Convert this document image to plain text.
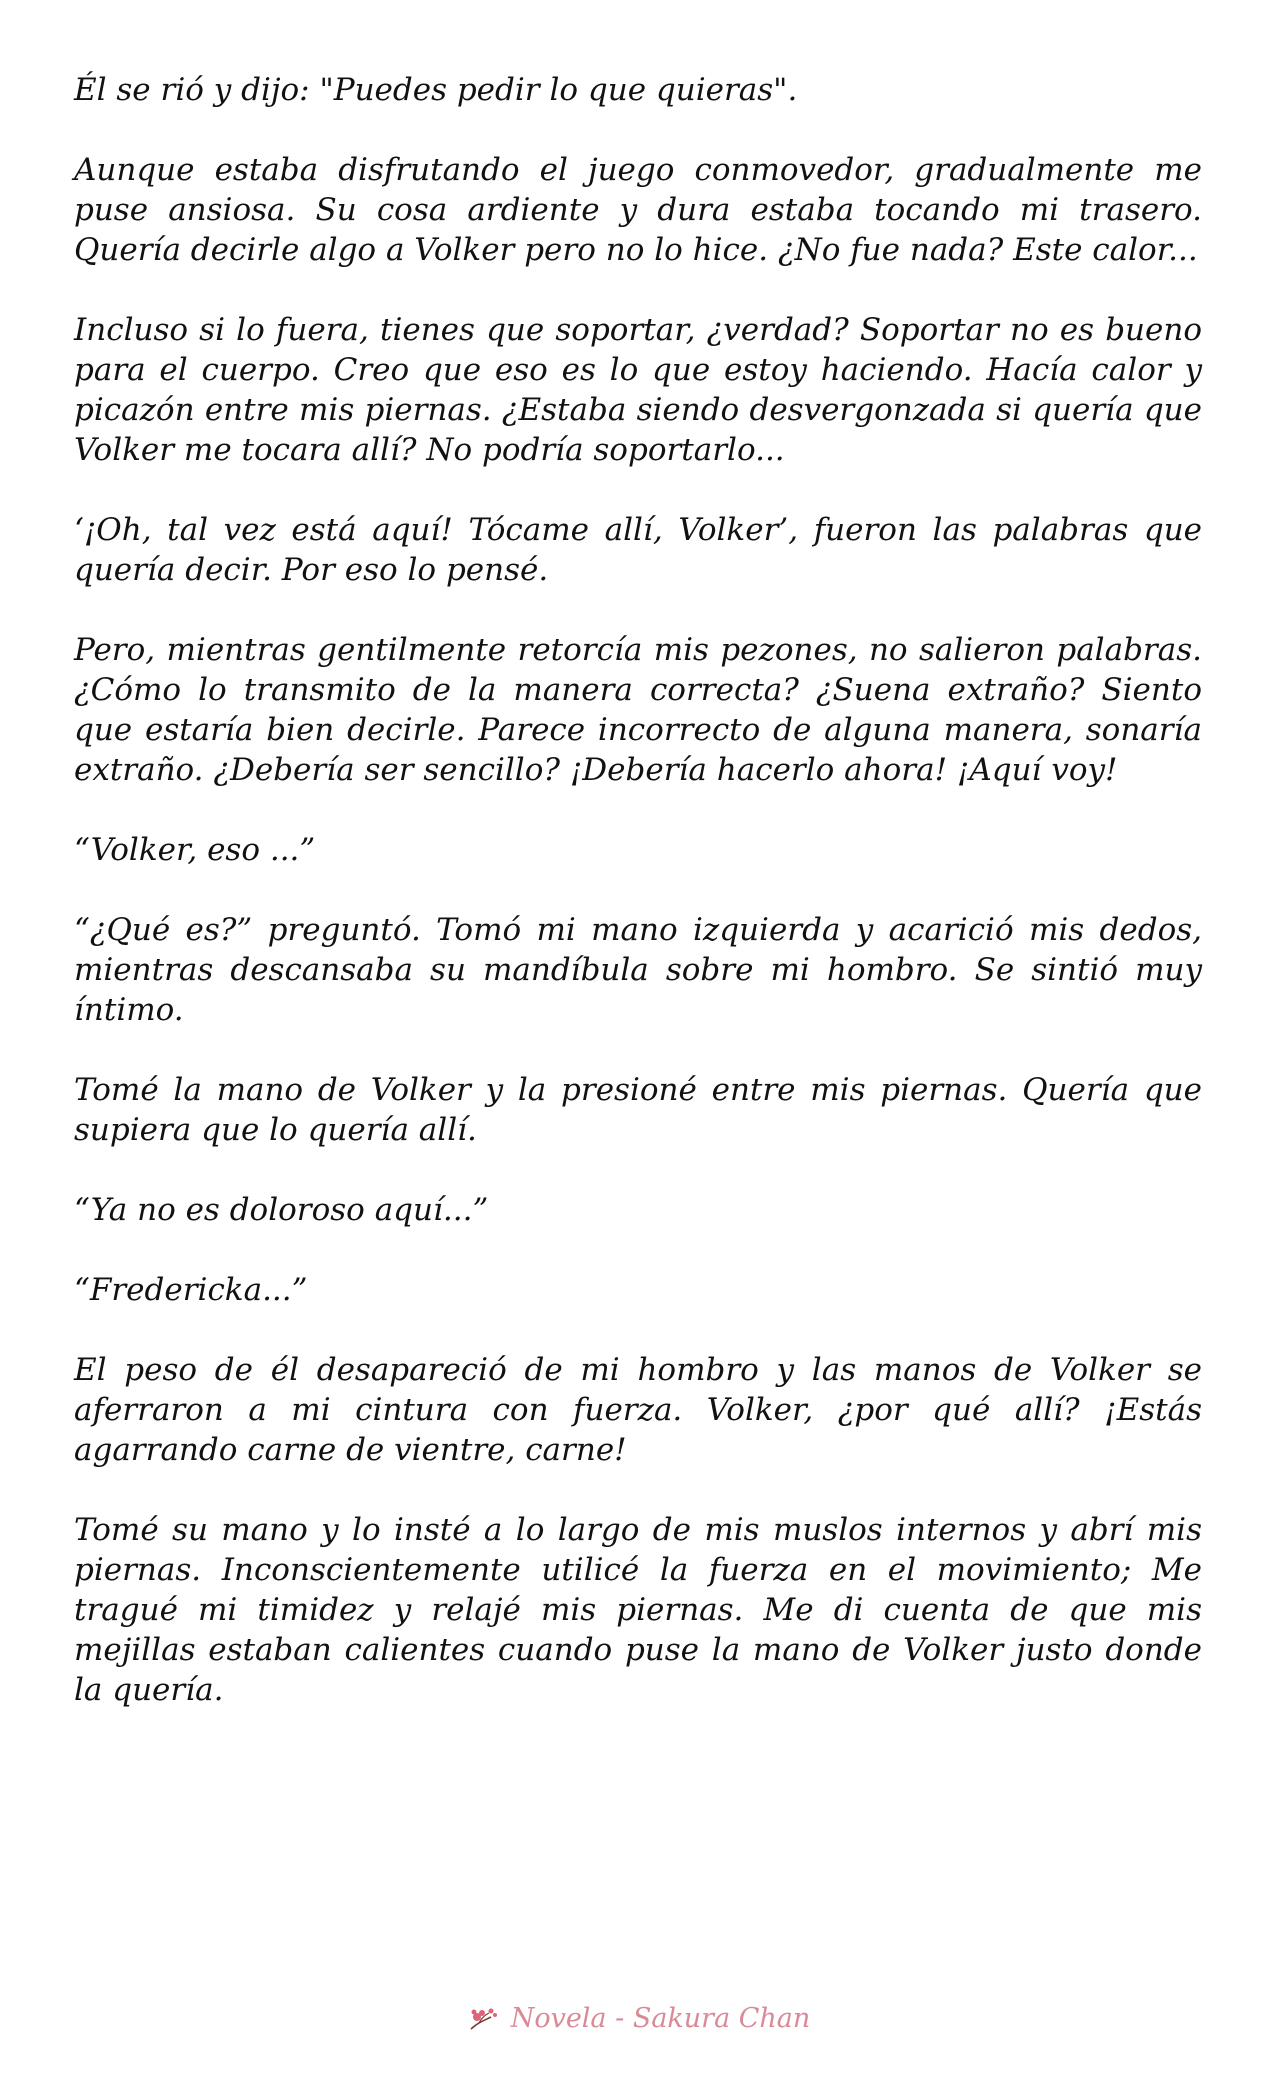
Él se rió y dijo: "Puedes pedir lo que quieras".

Aunque estaba disfrutando el juego conmovedor, gradualmente me puse ansiosa. Su cosa ardiente y dura estaba tocando mi trasero. Quería decirle algo a Volker pero no lo hice. ¿No fue nada? Este calor...

Incluso si lo fuera, tienes que soportar, ¿verdad? Soportar no es bueno para el cuerpo. Creo que eso es lo que estoy haciendo. Hacía calor y picazón entre mis piernas. ¿Estaba siendo desvergonzada si quería que Volker me tocara allí? No podría soportarlo...

‘¡Oh, tal vez está aquí! Tócame allí, Volker’, fueron las palabras que quería decir. Por eso lo pensé.

Pero, mientras gentilmente retorcía mis pezones, no salieron palabras. ¿Cómo lo transmito de la manera correcta? ¿Suena extraño? Siento que estaría bien decirle. Parece incorrecto de alguna manera, sonaría extraño. ¿Debería ser sencillo? ¡Debería hacerlo ahora! ¡Aquí voy!

“Volker, eso ...”

“¿Qué es?” preguntó. Tomó mi mano izquierda y acarició mis dedos, mientras descansaba su mandíbula sobre mi hombro. Se sintió muy íntimo.

Tomé la mano de Volker y la presioné entre mis piernas. Quería que supiera que lo quería allí.

“Ya no es doloroso aquí...”

“Fredericka...”

El peso de él desapareció de mi hombro y las manos de Volker se aferraron a mi cintura con fuerza. Volker, ¿por qué allí? ¡Estás agarrando carne de vientre, carne!

Tomé su mano y lo insté a lo largo de mis muslos internos y abrí mis piernas. Inconscientemente utilicé la fuerza en el movimiento; Me tragué mi timidez y relajé mis piernas. Me di cuenta de que mis mejillas estaban calientes cuando puse la mano de Volker justo donde la quería.

Novela - Sakura Chan
